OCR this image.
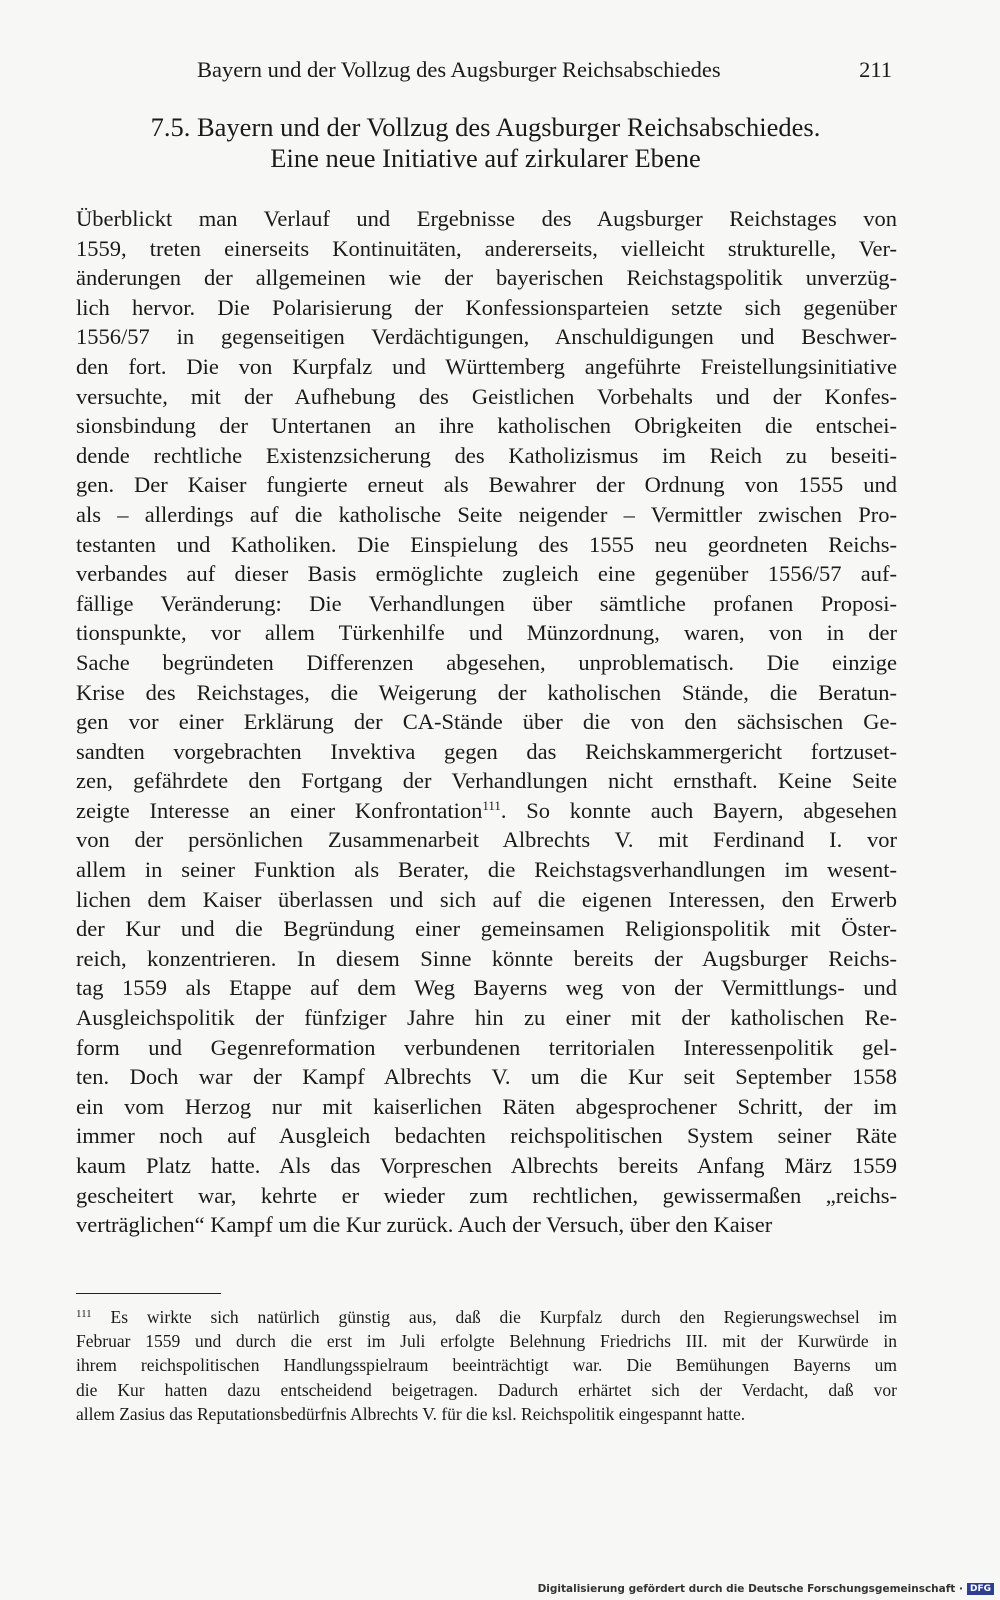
Bayern und der Vollzug des Augsburger Reichsabschiedes	211
7.5. Bayern und der Vollzug des Augsburger Reichsabschiedes.
Eine neue Initiative auf zirkularer Ebene
Überblickt man Verlauf und Ergebnisse des Augsburger Reichstages von
1559, treten einerseits Kontinuitäten, andererseits, vielleicht strukturelle, Ver-
änderungen der allgemeinen wie der bayerischen Reichstagspolitik unverzüg-
lich hervor. Die Polarisierung der Konfessionsparteien setzte sich gegenüber
1556/57 in gegenseitigen Verdächtigungen, Anschuldigungen und Beschwer-
den fort. Die von Kurpfalz und Württemberg angeführte Freistellungsinitiative
versuchte, mit der Aufhebung des Geistlichen Vorbehalts und der Konfes-
sionsbindung der Untertanen an ihre katholischen Obrigkeiten die entschei-
dende rechtliche Existenzsicherung des Katholizismus im Reich zu beseiti-
gen. Der Kaiser fungierte erneut als Bewahrer der Ordnung von 1555 und
als – allerdings auf die katholische Seite neigender – Vermittler zwischen Pro-
testanten und Katholiken. Die Einspielung des 1555 neu geordneten Reichs-
verbandes auf dieser Basis ermöglichte zugleich eine gegenüber 1556/57 auf-
fällige Veränderung: Die Verhandlungen über sämtliche profanen Proposi-
tionspunkte, vor allem Türkenhilfe und Münzordnung, waren, von in der
Sache begründeten Differenzen abgesehen, unproblematisch. Die einzige
Krise des Reichstages, die Weigerung der katholischen Stände, die Beratun-
gen vor einer Erklärung der CA-Stände über die von den sächsischen Ge-
sandten vorgebrachten Invektiva gegen das Reichskammergericht fortzuset-
zen, gefährdete den Fortgang der Verhandlungen nicht ernsthaft. Keine Seite
zeigte Interesse an einer Konfrontation$^{111}$. So konnte auch Bayern, abgesehen
von der persönlichen Zusammenarbeit Albrechts V. mit Ferdinand I. vor
allem in seiner Funktion als Berater, die Reichstagsverhandlungen im wesent-
lichen dem Kaiser überlassen und sich auf die eigenen Interessen, den Erwerb
der Kur und die Begründung einer gemeinsamen Religionspolitik mit Öster-
reich, konzentrieren. In diesem Sinne könnte bereits der Augsburger Reichs-
tag 1559 als Etappe auf dem Weg Bayerns weg von der Vermittlungs- und
Ausgleichspolitik der fünfziger Jahre hin zu einer mit der katholischen Re-
form und Gegenreformation verbundenen territorialen Interessenpolitik gel-
ten. Doch war der Kampf Albrechts V. um die Kur seit September 1558
ein vom Herzog nur mit kaiserlichen Räten abgesprochener Schritt, der im
immer noch auf Ausgleich bedachten reichspolitischen System seiner Räte
kaum Platz hatte. Als das Vorpreschen Albrechts bereits Anfang März 1559
gescheitert war, kehrte er wieder zum rechtlichen, gewissermaßen „reichs-
verträglichen“ Kampf um die Kur zurück. Auch der Versuch, über den Kaiser
$^{111}$ Es wirkte sich natürlich günstig aus, daß die Kurpfalz durch den Regierungswechsel im
Februar 1559 und durch die erst im Juli erfolgte Belehnung Friedrichs III. mit der Kurwürde in
ihrem reichspolitischen Handlungsspielraum beeinträchtigt war. Die Bemühungen Bayerns um
die Kur hatten dazu entscheidend beigetragen. Dadurch erhärtet sich der Verdacht, daß vor
allem Zasius das Reputationsbedürfnis Albrechts V. für die ksl. Reichspolitik eingespannt hatte.
Digitalisierung gefördert durch die Deutsche Forschungsgemeinschaft · DFG
